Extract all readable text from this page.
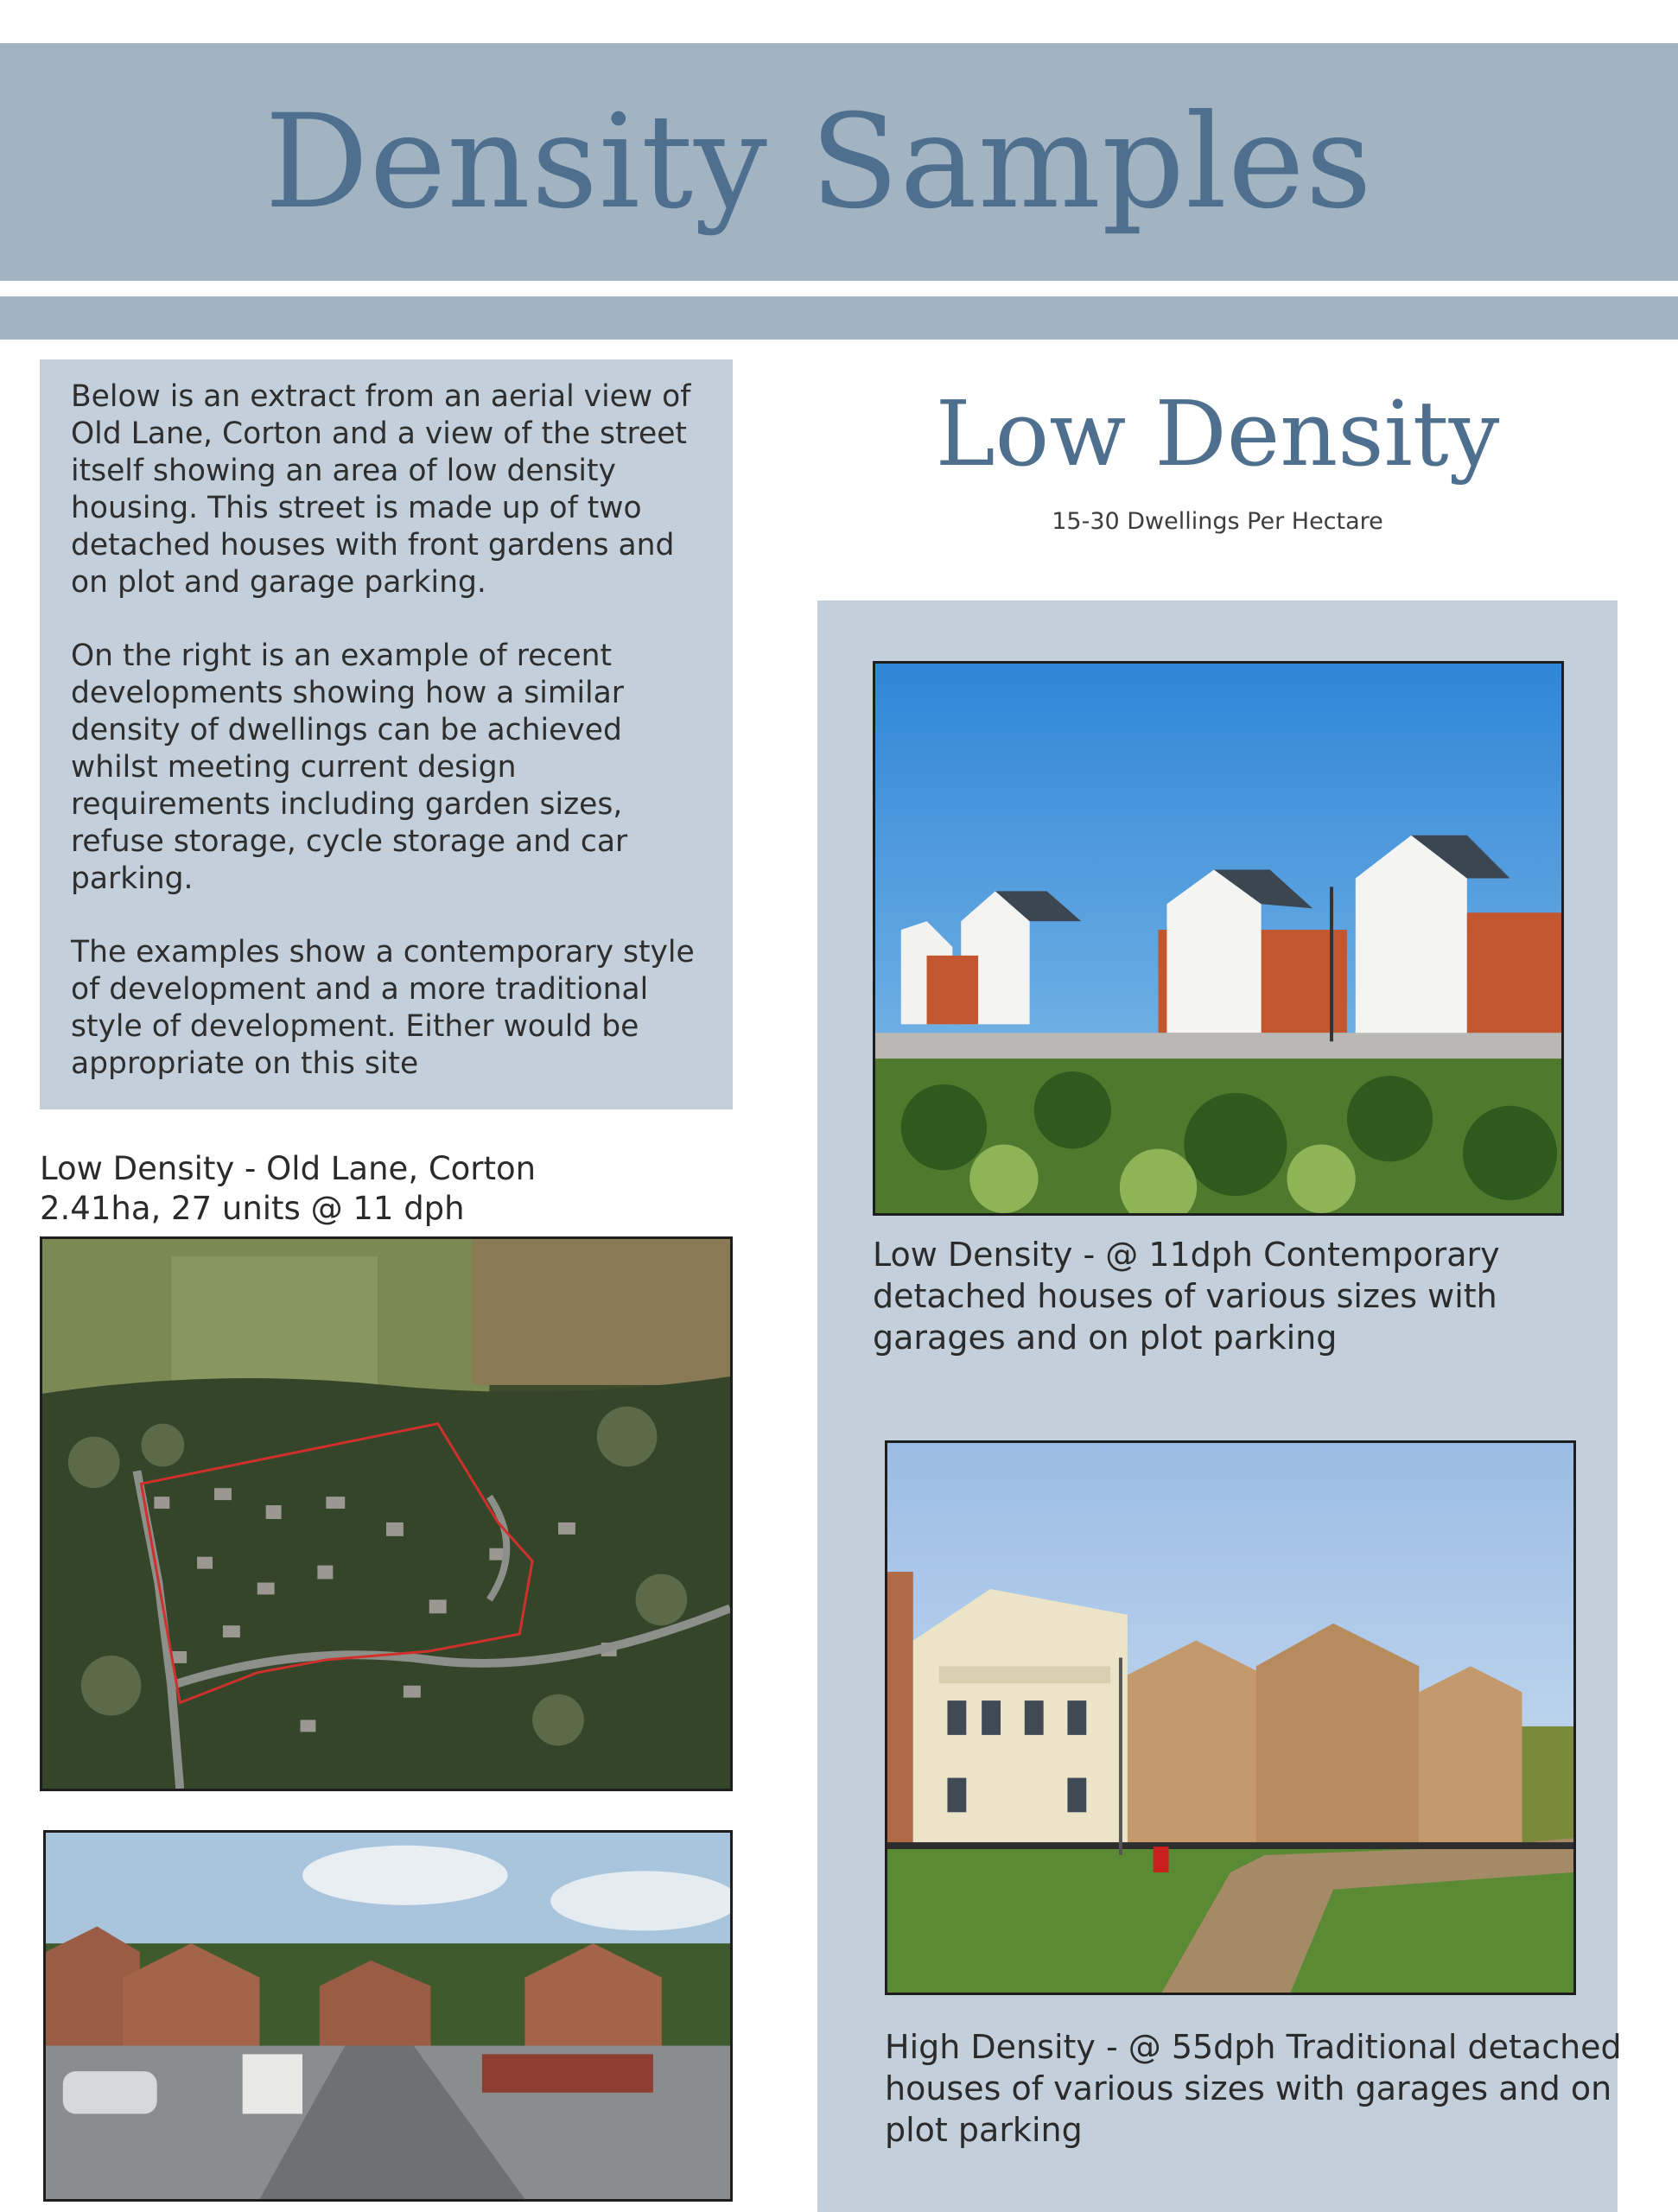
Density Samples

Below is an extract from an aerial view of Old Lane, Corton and a view of the street itself showing an area of low density housing. This street is made up of two detached houses with front gardens and on plot and garage parking.

On the right is an example of recent developments showing how a similar density of dwellings can be achieved whilst meeting current design requirements including garden sizes, refuse storage, cycle storage and car parking.

The examples show a contemporary style of development and a more traditional style of development. Either would be appropriate on this site

Low Density - Old Lane, Corton
2.41ha, 27 units @ 11 dph
Low Density
15-30 Dwellings Per Hectare
Low Density - @ 11dph Contemporary detached houses of various sizes with garages and on plot parking
High Density - @ 55dph Traditional detached houses of various sizes with garages and on plot parking
